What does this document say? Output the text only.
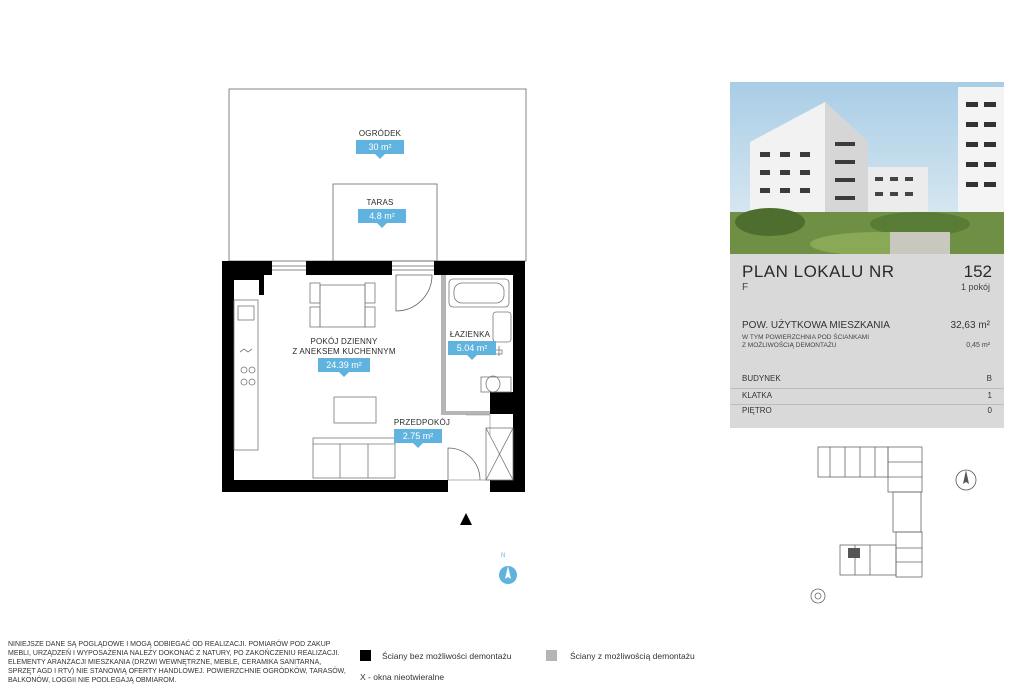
OGRÓDEK
30 m²
TARAS
4.8 m²
POKÓJ DZIENNY
Z ANEKSEM KUCHENNYM
24.39 m²
ŁAZIENKA
5.04 m²
PRZEDPOKÓJ
2.75 m²
N
PLAN LOKALU NR	152
F	1 pokój
POW. UŻYTKOWA MIESZKANIA	32,63 m²
W TYM POWIERZCHNIA POD ŚCIANKAMI
Z MOŻLIWOŚCIĄ DEMONTAŻU	0,45 m²
BUDYNEK	B
KLATKA	1
PIĘTRO	0
NINIEJSZE DANE SĄ POGLĄDOWE I MOGĄ ODBIEGAĆ OD REALIZACJI. POMIARÓW POD ZAKUP MEBLI, URZĄDZEŃ I WYPOSAŻENIA NALEŻY DOKONAĆ Z NATURY, PO ZAKOŃCZENIU REALIZACJI. ELEMENTY ARANŻACJI MIESZKANIA (DRZWI WEWNĘTRZNE, MEBLE, CERAMIKA SANITARNA, SPRZĘT AGD I RTV) NIE STANOWIĄ OFERTY HANDLOWEJ. POWIERZCHNIE OGRÓDKÓW, TARASÓW, BALKONÓW, LOGGII NIE PODLEGAJĄ OBMIAROM.
Ściany bez możliwości demontażu
X - okna nieotwieralne
Ściany z możliwością demontażu
